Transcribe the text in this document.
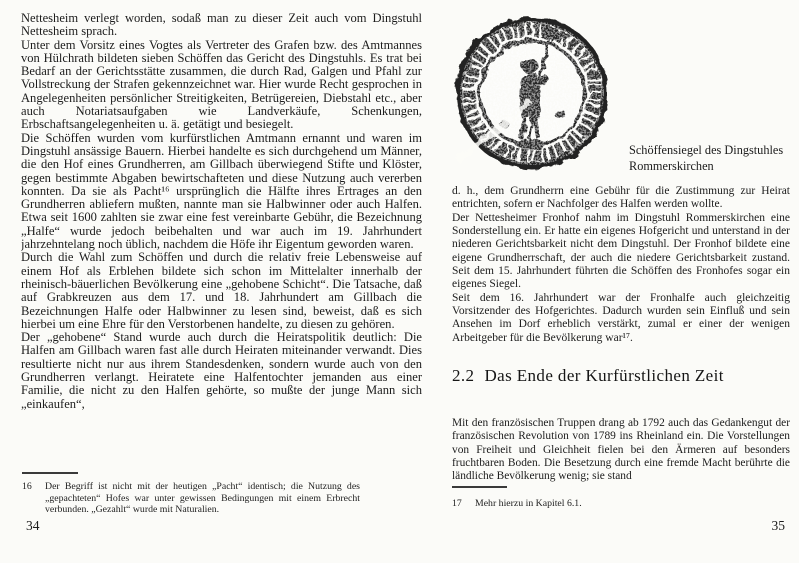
Nettesheim verlegt worden, sodaß man zu dieser Zeit auch vom Dingstuhl Nettesheim sprach.

Unter dem Vorsitz eines Vogtes als Vertreter des Grafen bzw. des Amtmannes von Hülchrath bildeten sieben Schöffen das Gericht des Dingstuhls. Es trat bei Bedarf an der Gerichtsstätte zusammen, die durch Rad, Galgen und Pfahl zur Vollstreckung der Strafen gekennzeichnet war. Hier wurde Recht gesprochen in Angelegenheiten persönlicher Streitigkeiten, Betrügereien, Diebstahl etc., aber auch Notariatsaufgaben wie Landverkäufe, Schenkungen, Erbschaftsangelegenheiten u. ä. getätigt und besiegelt.

Die Schöffen wurden vom kurfürstlichen Amtmann ernannt und waren im Dingstuhl ansässige Bauern. Hierbei handelte es sich durchgehend um Männer, die den Hof eines Grundherren, am Gillbach überwiegend Stifte und Klöster, gegen bestimmte Abgaben bewirtschafteten und diese Nutzung auch vererben konnten. Da sie als Pacht¹⁶ ursprünglich die Hälfte ihres Ertrages an den Grundherren abliefern mußten, nannte man sie Halbwinner oder auch Halfen. Etwa seit 1600 zahlten sie zwar eine fest vereinbarte Gebühr, die Bezeichnung „Halfe“ wurde jedoch beibehalten und war auch im 19. Jahrhundert jahrzehntelang noch üblich, nachdem die Höfe ihr Eigentum geworden waren.

Durch die Wahl zum Schöffen und durch die relativ freie Lebensweise auf einem Hof als Erblehen bildete sich schon im Mittelalter innerhalb der rheinisch-bäuerlichen Bevölkerung eine „gehobene Schicht“. Die Tatsache, daß auf Grabkreuzen aus dem 17. und 18. Jahrhundert am Gillbach die Bezeichnungen Halfe oder Halbwinner zu lesen sind, beweist, daß es sich hierbei um eine Ehre für den Verstorbenen handelte, zu diesen zu gehören.

Der „gehobene“ Stand wurde auch durch die Heiratspolitik deutlich: Die Halfen am Gillbach waren fast alle durch Heiraten miteinander verwandt. Dies resultierte nicht nur aus ihrem Standesdenken, sondern wurde auch von den Grundherren verlangt. Heiratete eine Halfentochter jemanden aus einer Familie, die nicht zu den Halfen gehörte, so mußte der junge Mann sich „einkaufen“,

16	Der Begriff ist nicht mit der heutigen „Pacht“ identisch; die Nutzung des „gepachteten“ Hofes war unter gewissen Bedingungen mit einem Erbrecht verbunden. „Gezahlt“ wurde mit Naturalien.
34
Schöffensiegel des Dingstuhles
Rommerskirchen

d. h., dem Grundherrn eine Gebühr für die Zustimmung zur Heirat entrichten, sofern er Nachfolger des Halfen werden wollte.

Der Nettesheimer Fronhof nahm im Dingstuhl Rommerskirchen eine Sonderstellung ein. Er hatte ein eigenes Hofgericht und unterstand in der niederen Gerichtsbarkeit nicht dem Dingstuhl. Der Fronhof bildete eine eigene Grundherrschaft, der auch die niedere Gerichtsbarkeit zustand. Seit dem 15. Jahrhundert führten die Schöffen des Fronhofes sogar ein eigenes Siegel.

Seit dem 16. Jahrhundert war der Fronhalfe auch gleichzeitig Vorsitzender des Hofgerichtes. Dadurch wurden sein Einfluß und sein Ansehen im Dorf erheblich verstärkt, zumal er einer der wenigen Arbeitgeber für die Bevölkerung war¹⁷.

2.2 Das Ende der Kurfürstlichen Zeit

Mit den französischen Truppen drang ab 1792 auch das Gedankengut der französischen Revolution von 1789 ins Rheinland ein. Die Vorstellungen von Freiheit und Gleichheit fielen bei den Ärmeren auf besonders fruchtbaren Boden. Die Besetzung durch eine fremde Macht berührte die ländliche Bevölkerung wenig; sie stand

17	Mehr hierzu in Kapitel 6.1.
35
